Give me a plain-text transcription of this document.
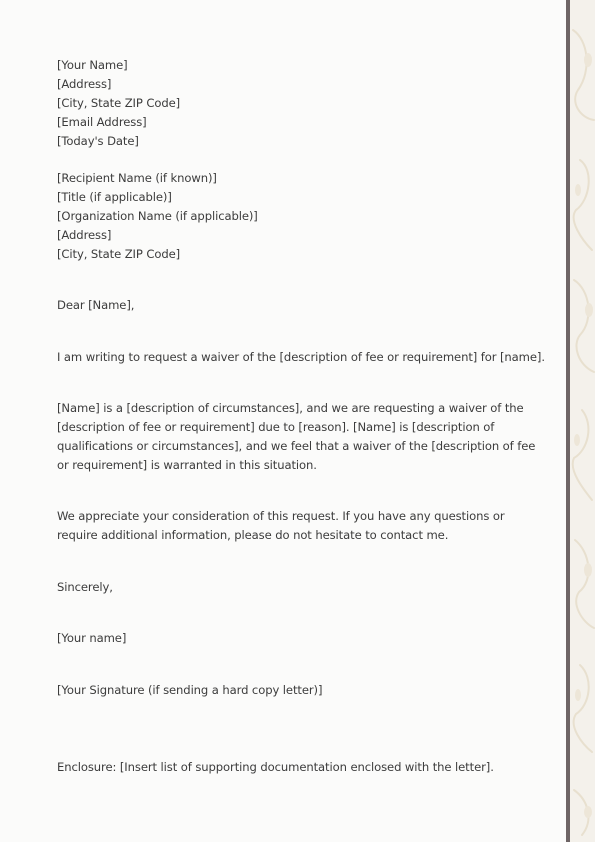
[Your Name]
[Address]
[City, State ZIP Code]
[Email Address]
[Today's Date]
[Recipient Name (if known)]
[Title (if applicable)]
[Organization Name (if applicable)]
[Address]
[City, State ZIP Code]
Dear [Name],
I am writing to request a waiver of the [description of fee or requirement] for [name].
[Name] is a [description of circumstances], and we are requesting a waiver of the
[description of fee or requirement] due to [reason]. [Name] is [description of
qualifications or circumstances], and we feel that a waiver of the [description of fee
or requirement] is warranted in this situation.
We appreciate your consideration of this request. If you have any questions or
require additional information, please do not hesitate to contact me.
Sincerely,
[Your name]
[Your Signature (if sending a hard copy letter)]
Enclosure: [Insert list of supporting documentation enclosed with the letter].
